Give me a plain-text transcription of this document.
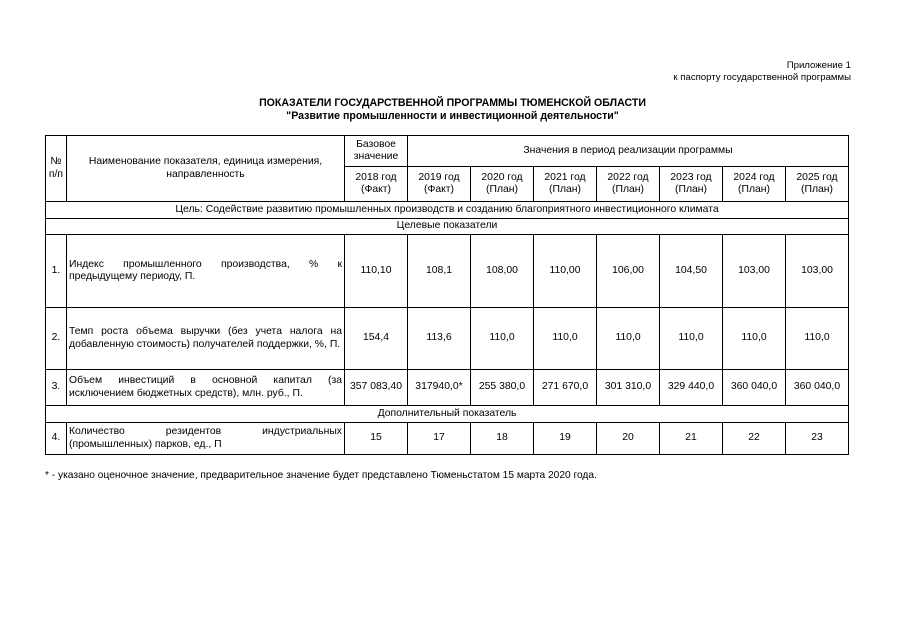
Приложение 1
к паспорту государственной программы
ПОКАЗАТЕЛИ ГОСУДАРСТВЕННОЙ ПРОГРАММЫ ТЮМЕНСКОЙ ОБЛАСТИ
"Развитие промышленности и инвестиционной деятельности"
№ п/п	Наименование показателя, единица измерения, направленность	Базовое значение	Значения в период реализации программы						
		2018 год (Факт)	2019 год (Факт)	2020 год (План)	2021 год (План)	2022 год (План)	2023 год (План)	2024 год (План)	2025 год (План)
Цель: Содействие развитию промышленных производств и созданию благоприятного инвестиционного климата									
Целевые показатели									
1.	Индекс промышленного производства, % к предыдущему периоду, П.	110,10	108,1	108,00	110,00	106,00	104,50	103,00	103,00
2.	Темп роста объема выручки (без учета налога на добавленную стоимость) получателей поддержки, %, П.	154,4	113,6	110,0	110,0	110,0	110,0	110,0	110,0
3.	Объем инвестиций в основной капитал (за исключением бюджетных средств), млн. руб., П.	357 083,40	317940,0*	255 380,0	271 670,0	301 310,0	329 440,0	360 040,0	360 040,0
Дополнительный показатель									
4.	Количество резидентов индустриальных (промышленных) парков, ед., П	15	17	18	19	20	21	22	23
* - указано оценочное значение, предварительное значение будет представлено Тюменьстатом 15 марта 2020 года.
